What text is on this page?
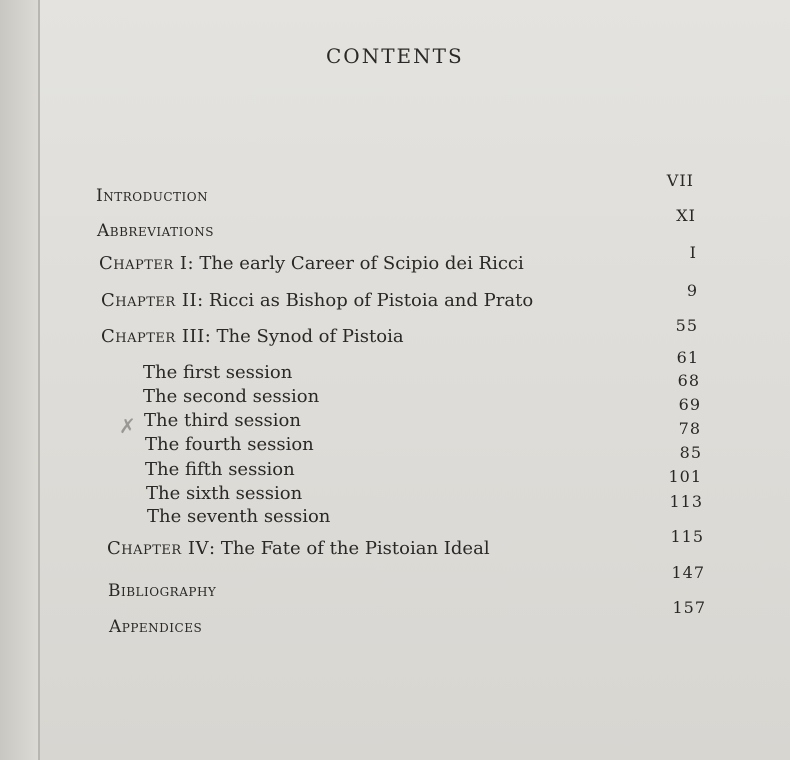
CONTENTS
Introduction
Abbreviations
Chapter I: The early Career of Scipio dei Ricci
Chapter II: Ricci as Bishop of Pistoia and Prato
Chapter III: The Synod of Pistoia
The first session
The second session
The third session
The fourth session
The fifth session
The sixth session
The seventh session
Chapter IV: The Fate of the Pistoian Ideal
Bibliography
Appendices
✗
VII
XI
I
9
55
61
68
69
78
85
101
113
115
147
157
